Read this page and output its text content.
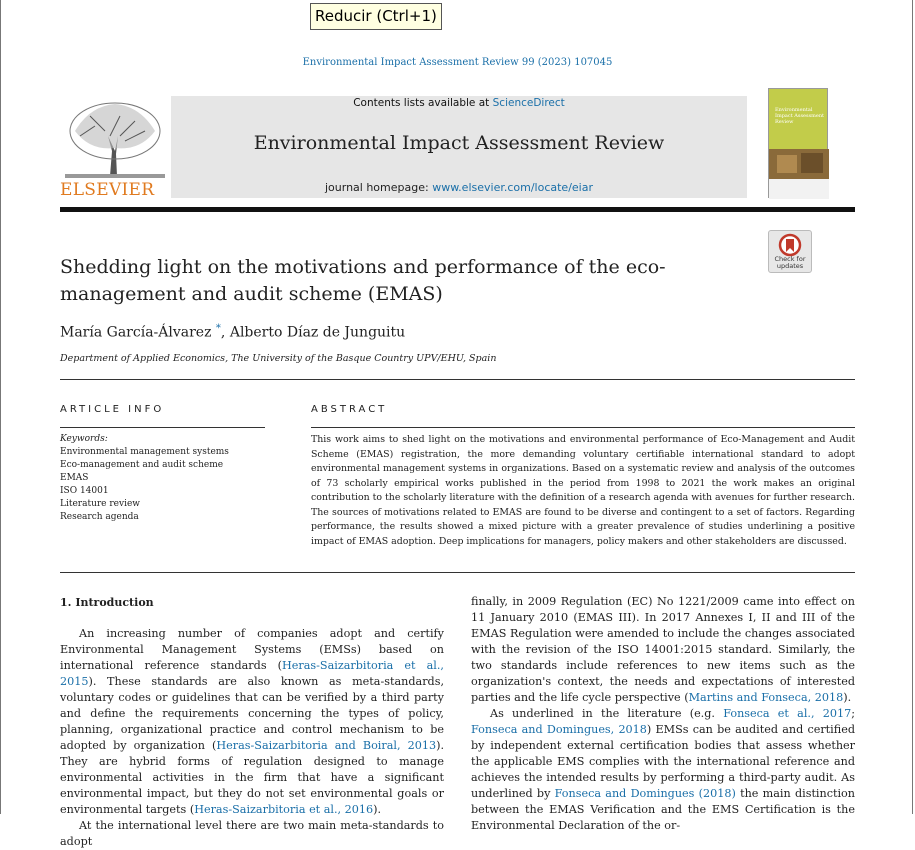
Reducir (Ctrl+1)
Environmental Impact Assessment Review 99 (2023) 107045
ELSEVIER
Contents lists available at ScienceDirect
Environmental Impact Assessment Review
journal homepage: www.elsevier.com/locate/eiar
Environmental Impact Assessment Review
Check for updates
Shedding light on the motivations and performance of the eco-management and audit scheme (EMAS)
María García-Álvarez *, Alberto Díaz de Junguitu
Department of Applied Economics, The University of the Basque Country UPV/EHU, Spain
ARTICLE INFO	ABSTRACT
Keywords:
Environmental management systems
Eco-management and audit scheme
EMAS
ISO 14001
Literature review
Research agenda
This work aims to shed light on the motivations and environmental performance of Eco-Management and Audit Scheme (EMAS) registration, the more demanding voluntary certifiable international standard to adopt environmental management systems in organizations. Based on a systematic review and analysis of the outcomes of 73 scholarly empirical works published in the period from 1998 to 2021 the work makes an original contribution to the scholarly literature with the definition of a research agenda with avenues for further research. The sources of motivations related to EMAS are found to be diverse and contingent to a set of factors. Regarding performance, the results showed a mixed picture with a greater prevalence of studies underlining a positive impact of EMAS adoption. Deep implications for managers, policy makers and other stakeholders are discussed.
1. Introduction

An increasing number of companies adopt and certify Environmental Management Systems (EMSs) based on international reference standards (Heras-Saizarbitoria et al., 2015). These standards are also known as meta-standards, voluntary codes or guidelines that can be verified by a third party and define the requirements concerning the types of policy, planning, organizational practice and control mechanism to be adopted by organization (Heras-Saizarbitoria and Boiral, 2013). They are hybrid forms of regulation designed to manage environmental activities in the firm that have a significant environmental impact, but they do not set environmental goals or environmental targets (Heras-Saizarbitoria et al., 2016).

At the international level there are two main meta-standards to adopt

finally, in 2009 Regulation (EC) No 1221/2009 came into effect on 11 January 2010 (EMAS III). In 2017 Annexes I, II and III of the EMAS Regulation were amended to include the changes associated with the revision of the ISO 14001:2015 standard. Similarly, the two standards include references to new items such as the organization's context, the needs and expectations of interested parties and the life cycle perspective (Martins and Fonseca, 2018).

As underlined in the literature (e.g. Fonseca et al., 2017; Fonseca and Domingues, 2018) EMSs can be audited and certified by independent external certification bodies that assess whether the applicable EMS complies with the international reference and achieves the intended results by performing a third-party audit. As underlined by Fonseca and Domingues (2018) the main distinction between the EMAS Verification and the EMS Certification is the Environmental Declaration of the or-
